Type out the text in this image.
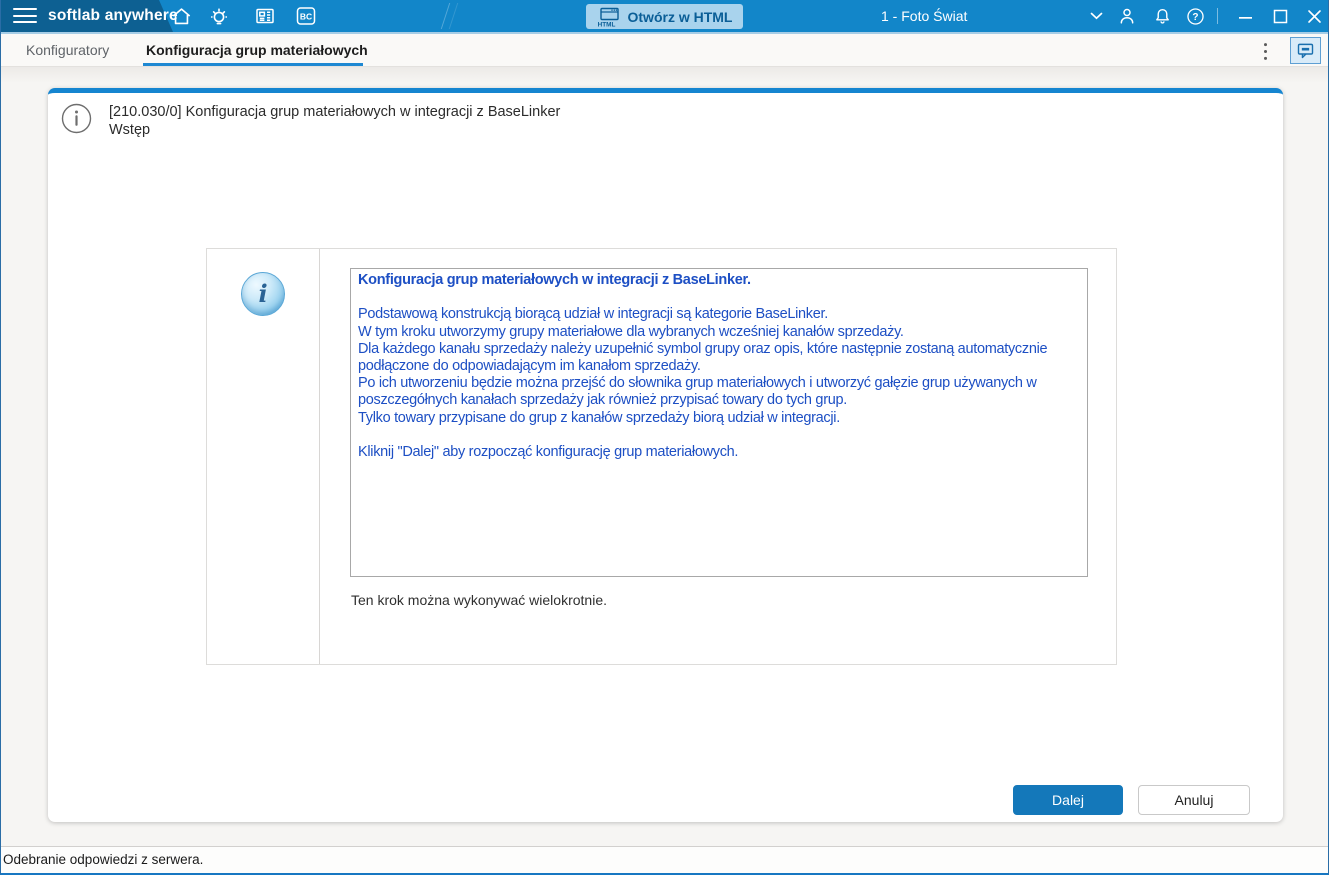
softlab anywhere	BC
HTML Otwórz w HTML	1 - Foto Świat	?
Konfiguratory	Konfiguracja grup materiałowych
[210.030/0] Konfiguracja grup materiałowych w integracji z BaseLinker
Wstęp
i	Konfiguracja grup materiałowych w integracji z BaseLinker.

Podstawową konstrukcją biorącą udział w integracji są kategorie BaseLinker.
W tym kroku utworzymy grupy materiałowe dla wybranych wcześniej kanałów sprzedaży.
Dla każdego kanału sprzedaży należy uzupełnić symbol grupy oraz opis, które następnie zostaną automatycznie podłączone do odpowiadającym im kanałom sprzedaży.
Po ich utworzeniu będzie można przejść do słownika grup materiałowych i utworzyć gałęzie grup używanych w poszczegółnych kanałach sprzedaży jak również przypisać towary do tych grup.
Tylko towary przypisane do grup z kanałów sprzedaży biorą udział w integracji.

Kliknij "Dalej" aby rozpocząć konfigurację grup materiałowych.
Ten krok można wykonywać wielokrotnie.
Dalej	Anuluj
Odebranie odpowiedzi z serwera.
